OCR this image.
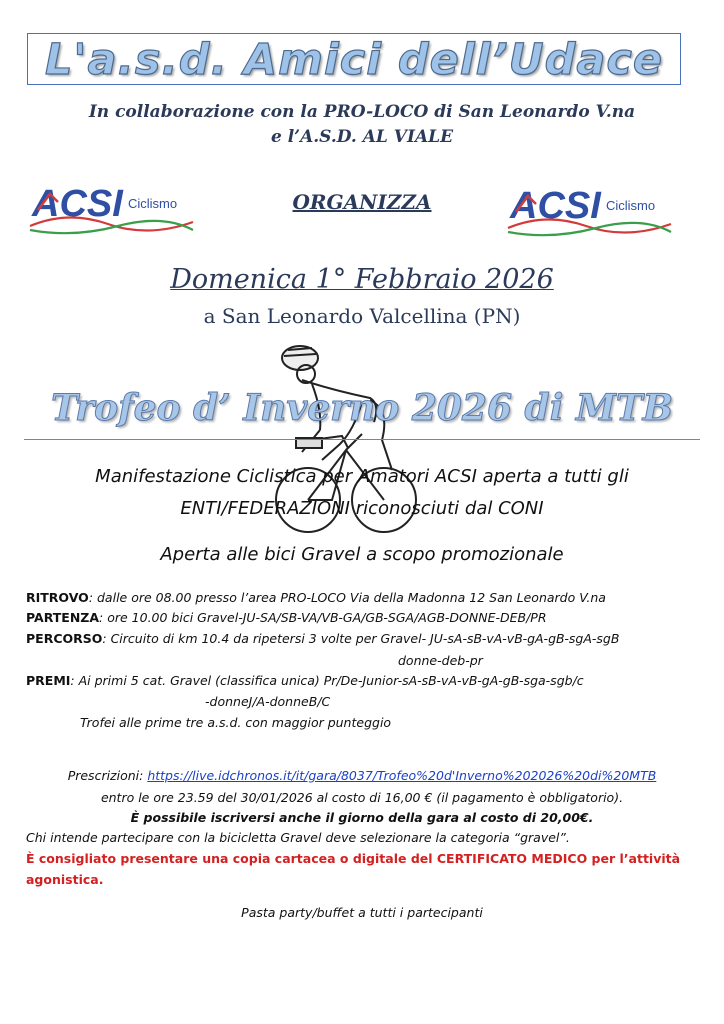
L'a.s.d. Amici dell’Udace
In collaborazione con la PRO-LOCO di San Leonardo V.na
e l’A.S.D. AL VIALE
ACSI Ciclismo	ORGANIZZA	ACSI Ciclismo
Domenica 1° Febbraio 2026
a San Leonardo Valcellina (PN)
Trofeo d’ Inverno 2026 di MTB
Manifestazione Ciclistica per Amatori ACSI aperta a tutti gli
ENTI/FEDERAZIONI riconosciuti dal CONI
Aperta alle bici Gravel a scopo promozionale
RITROVO: dalle ore 08.00 presso l’area PRO-LOCO Via della Madonna 12 San Leonardo V.na
PARTENZA: ore 10.00 bici Gravel-JU-SA/SB-VA/VB-GA/GB-SGA/AGB-DONNE-DEB/PR
PERCORSO: Circuito di km 10.4 da ripetersi 3 volte per Gravel- JU-sA-sB-vA-vB-gA-gB-sgA-sgB
donne-deb-pr
PREMI: Ai primi 5 cat. Gravel (classifica unica) Pr/De-Junior-sA-sB-vA-vB-gA-gB-sga-sgb/c
-donneJ/A-donneB/C
Trofei alle prime tre a.s.d. con maggior punteggio
Prescrizioni: https://live.idchronos.it/it/gara/8037/Trofeo%20d'Inverno%202026%20di%20MTB
entro le ore 23.59 del 30/01/2026 al costo di 16,00 € (il pagamento è obbligatorio).
È possibile iscriversi anche il giorno della gara al costo di 20,00€.
Chi intende partecipare con la bicicletta Gravel deve selezionare la categoria “gravel”.
È consigliato presentare una copia cartacea o digitale del CERTIFICATO MEDICO per l’attività
agonistica.
Pasta party/buffet a tutti i partecipanti
